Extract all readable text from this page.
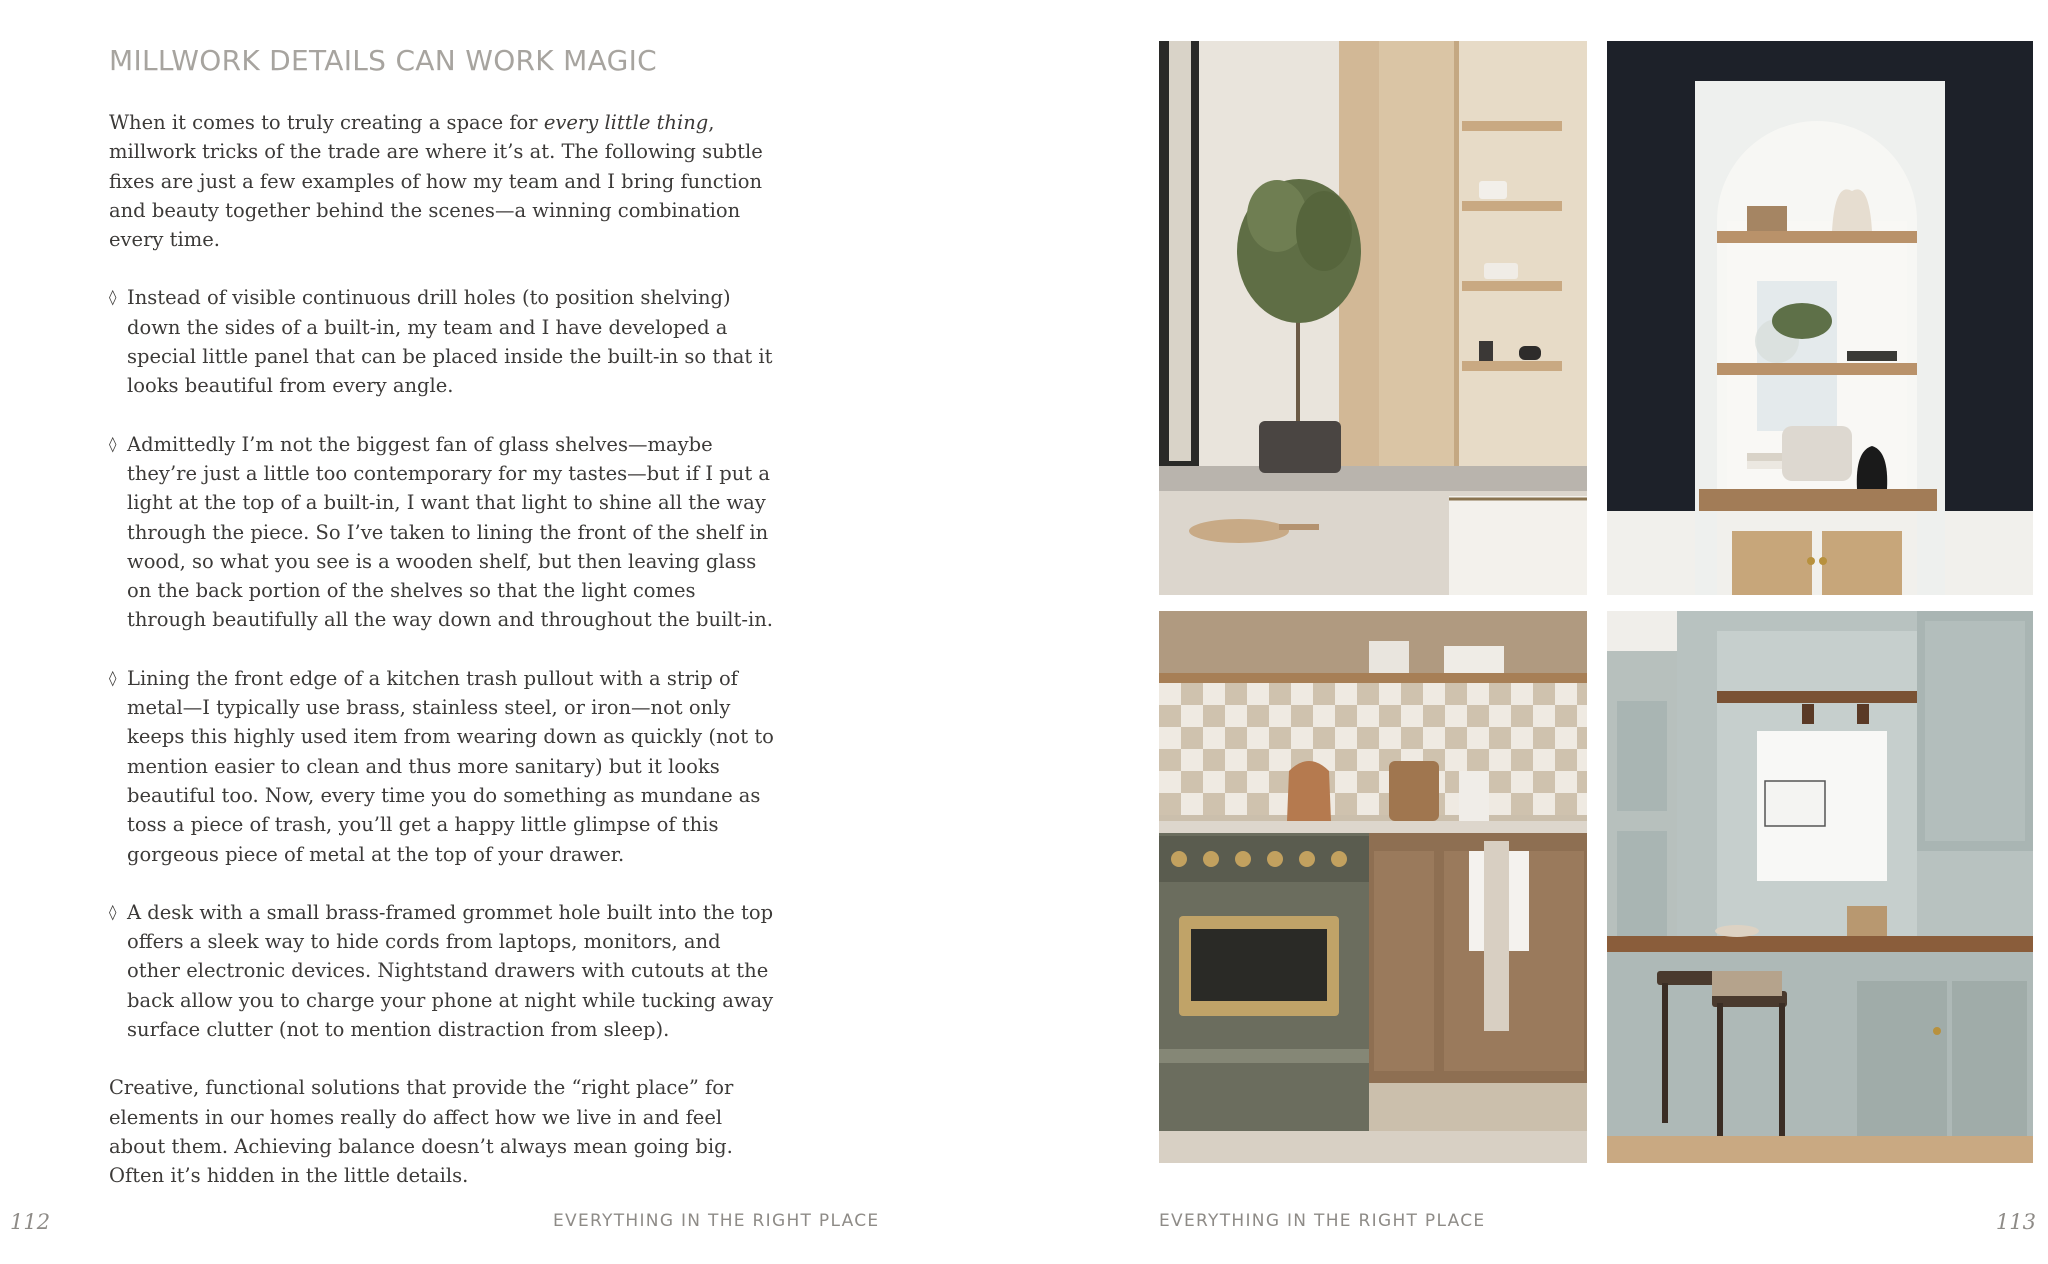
MILLWORK DETAILS CAN WORK MAGIC

When it comes to truly creating a space for every little thing, millwork tricks of the trade are where it’s at. The following subtle fixes are just a few examples of how my team and I bring function and beauty together behind the scenes—a winning combination every time.

◊ Instead of visible continuous drill holes (to position shelving) down the sides of a built-in, my team and I have developed a special little panel that can be placed inside the built-in so that it looks beautiful from every angle.
◊ Admittedly I’m not the biggest fan of glass shelves—maybe they’re just a little too contemporary for my tastes—but if I put a light at the top of a built-in, I want that light to shine all the way through the piece. So I’ve taken to lining the front of the shelf in wood, so what you see is a wooden shelf, but then leaving glass on the back portion of the shelves so that the light comes through beautifully all the way down and throughout the built-in.
◊ Lining the front edge of a kitchen trash pullout with a strip of metal—I typically use brass, stainless steel, or iron—not only keeps this highly used item from wearing down as quickly (not to mention easier to clean and thus more sanitary) but it looks beautiful too. Now, every time you do something as mundane as toss a piece of trash, you’ll get a happy little glimpse of this gorgeous piece of metal at the top of your drawer.
◊ A desk with a small brass-framed grommet hole built into the top offers a sleek way to hide cords from laptops, monitors, and other electronic devices. Nightstand drawers with cutouts at the back allow you to charge your phone at night while tucking away surface clutter (not to mention distraction from sleep).

Creative, functional solutions that provide the “right place” for elements in our homes really do affect how we live in and feel about them. Achieving balance doesn’t always mean going big. Often it’s hidden in the little details.

112	EVERYTHING IN THE RIGHT PLACE	EVERYTHING IN THE RIGHT PLACE	113
